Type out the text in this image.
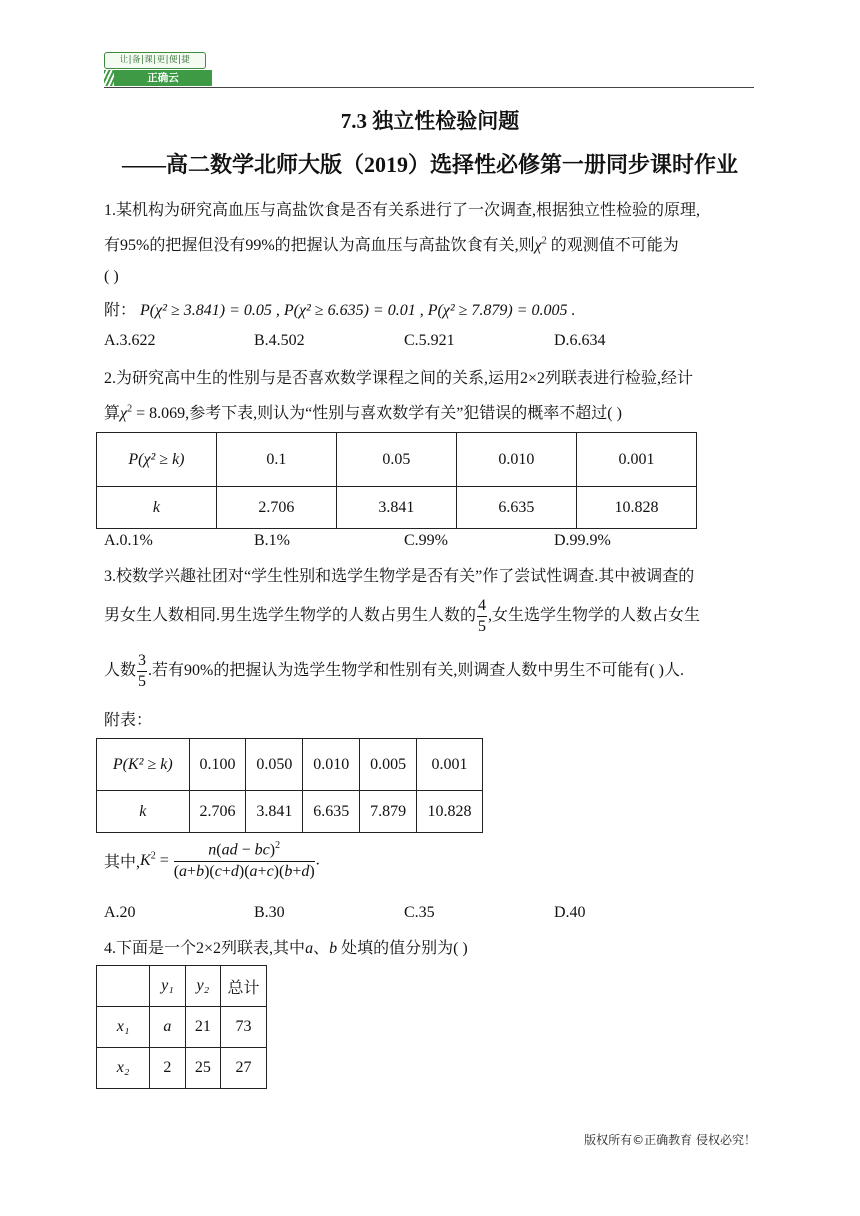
让|备|课|更|便|捷
正确云
7.3 独立性检验问题
——高二数学北师大版（2019）选择性必修第一册同步课时作业
1.某机构为研究高血压与高盐饮食是否有关系进行了一次调查,根据独立性检验的原理,
有95%的把握但没有99%的把握认为高血压与高盐饮食有关,则$\chi^2$ 的观测值不可能为
( )
附： P(χ² ≥ 3.841) = 0.05 , P(χ² ≥ 6.635) = 0.01 , P(χ² ≥ 7.879) = 0.005 .
A.3.622	B.4.502	C.5.921	D.6.634
2.为研究高中生的性别与是否喜欢数学课程之间的关系,运用2×2列联表进行检验,经计
算$\chi^2 = 8.069$,参考下表,则认为“性别与喜欢数学有关”犯错误的概率不超过( )
P(χ² ≥ k)	0.1	0.05	0.010	0.001
k	2.706	3.841	6.635	10.828
A.0.1%	B.1%	C.99%	D.99.9%
3.校数学兴趣社团对“学生性别和选学生物学是否有关”作了尝试性调查.其中被调查的
男女生人数相同.男生选学生物学的人数占男生人数的 $\frac{4}{5}$ ,女生选学生物学的人数占女生
人数 $\frac{3}{5}$ .若有90%的把握认为选学生物学和性别有关,则调查人数中男生不可能有( )人.
附表：
P(K² ≥ k)	0.100	0.050	0.010	0.005	0.001
k	2.706	3.841	6.635	7.879	10.828
其中$,K^2 = \frac{n(ad - bc)^2}{(a+b)(c+d)(a+c)(b+d)}$ .
A.20	B.30	C.35	D.40
4.下面是一个2×2列联表,其中a、b 处填的值分别为( )
	y₁	y₂	总计
x₁	a	21	73
x₂	2	25	27
版权所有©正确教育 侵权必究！
